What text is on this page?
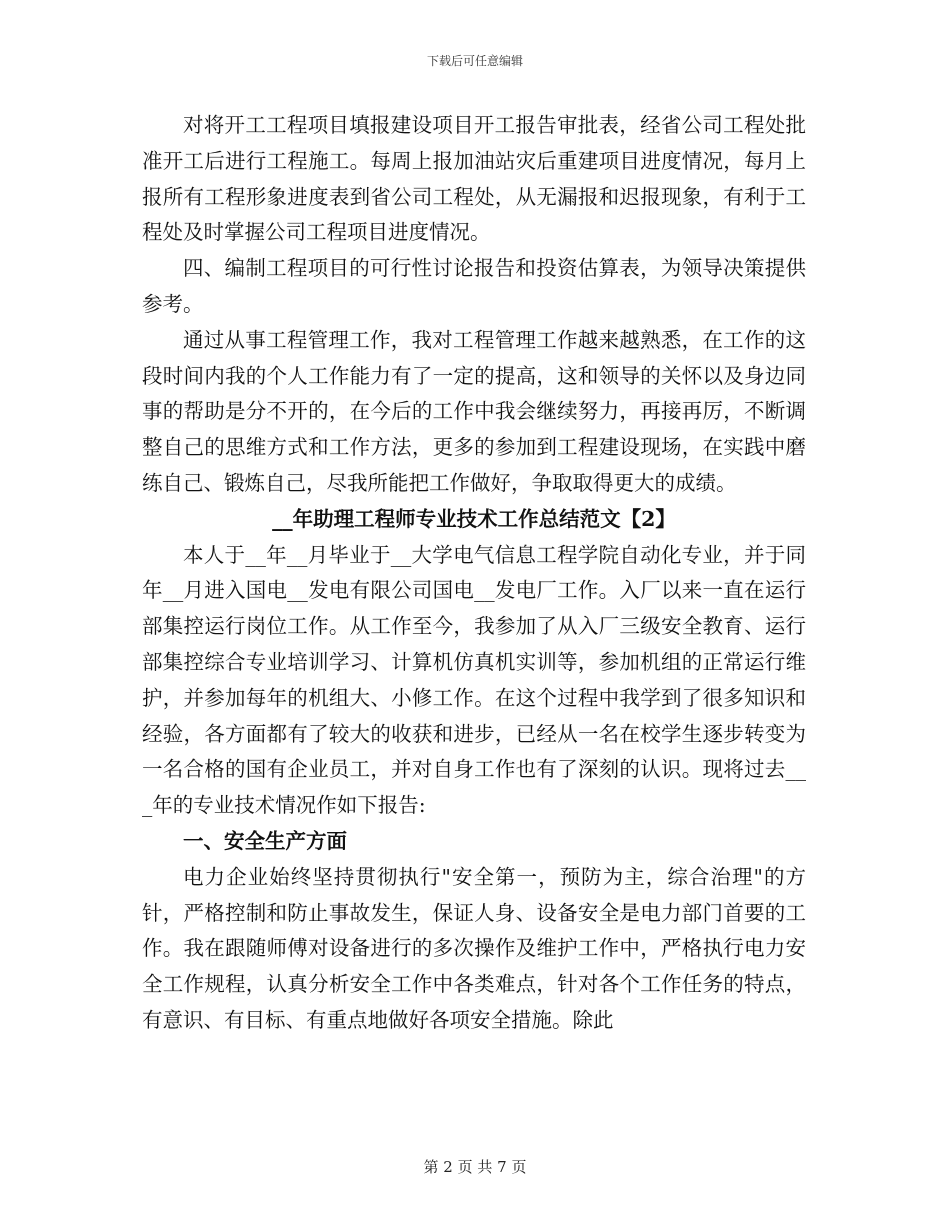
下载后可任意编辑

对将开工工程项目填报建设项目开工报告审批表，经省公司工程处批准开工后进行工程施工。每周上报加油站灾后重建项目进度情况，每月上报所有工程形象进度表到省公司工程处，从无漏报和迟报现象，有利于工程处及时掌握公司工程项目进度情况。

四、编制工程项目的可行性讨论报告和投资估算表，为领导决策提供参考。

通过从事工程管理工作，我对工程管理工作越来越熟悉，在工作的这段时间内我的个人工作能力有了一定的提高，这和领导的关怀以及身边同事的帮助是分不开的，在今后的工作中我会继续努力，再接再厉，不断调整自己的思维方式和工作方法，更多的参加到工程建设现场，在实践中磨练自己、锻炼自己，尽我所能把工作做好，争取取得更大的成绩。

__年助理工程师专业技术工作总结范文【2】

本人于__年__月毕业于__大学电气信息工程学院自动化专业，并于同年__月进入国电__发电有限公司国电__发电厂工作。入厂以来一直在运行部集控运行岗位工作。从工作至今，我参加了从入厂三级安全教育、运行部集控综合专业培训学习、计算机仿真机实训等，参加机组的正常运行维护，并参加每年的机组大、小修工作。在这个过程中我学到了很多知识和经验，各方面都有了较大的收获和进步，已经从一名在校学生逐步转变为一名合格的国有企业员工，并对自身工作也有了深刻的认识。现将过去___年的专业技术情况作如下报告:

一、安全生产方面

电力企业始终坚持贯彻执行"安全第一，预防为主，综合治理"的方针，严格控制和防止事故发生，保证人身、设备安全是电力部门首要的工作。我在跟随师傅对设备进行的多次操作及维护工作中，严格执行电力安全工作规程，认真分析安全工作中各类难点，针对各个工作任务的特点，有意识、有目标、有重点地做好各项安全措施。除此

第 2 页 共 7 页
